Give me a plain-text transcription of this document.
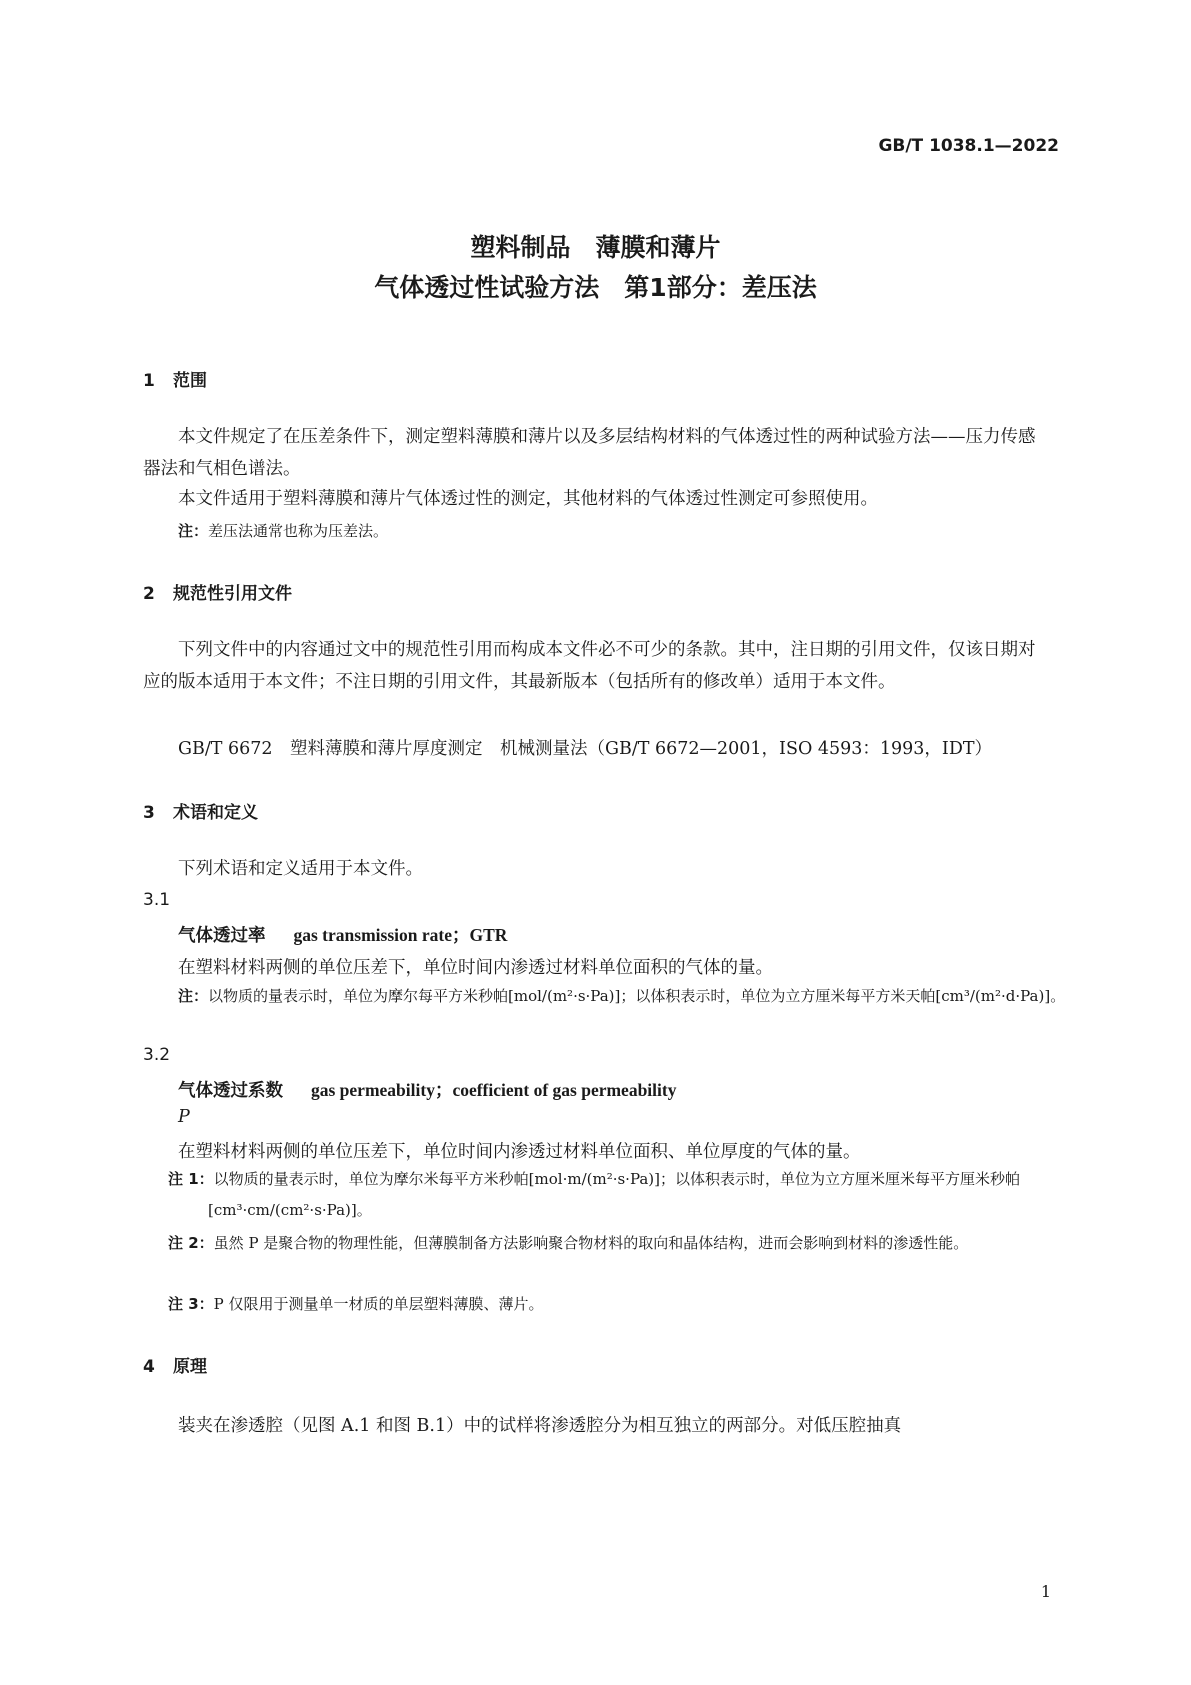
GB/T 1038.1—2022
塑料制品　薄膜和薄片
气体透过性试验方法　第1部分：差压法
1 范围
本文件规定了在压差条件下，测定塑料薄膜和薄片以及多层结构材料的气体透过性的两种试验方法——压力传感器法和气相色谱法。
本文件适用于塑料薄膜和薄片气体透过性的测定，其他材料的气体透过性测定可参照使用。
注：差压法通常也称为压差法。
2 规范性引用文件
下列文件中的内容通过文中的规范性引用而构成本文件必不可少的条款。其中，注日期的引用文件，仅该日期对应的版本适用于本文件；不注日期的引用文件，其最新版本（包括所有的修改单）适用于本文件。
GB/T 6672　塑料薄膜和薄片厚度测定　机械测量法（GB/T 6672—2001，ISO 4593：1993，IDT）
3 术语和定义
下列术语和定义适用于本文件。
3.1
气体透过率 gas transmission rate；GTR
在塑料材料两侧的单位压差下，单位时间内渗透过材料单位面积的气体的量。
注：以物质的量表示时，单位为摩尔每平方米秒帕[mol/(m²·s·Pa)]；以体积表示时，单位为立方厘米每平方米天帕[cm³/(m²·d·Pa)]。
3.2
气体透过系数 gas permeability；coefficient of gas permeability
P
在塑料材料两侧的单位压差下，单位时间内渗透过材料单位面积、单位厚度的气体的量。
注 1：以物质的量表示时，单位为摩尔米每平方米秒帕[mol·m/(m²·s·Pa)]；以体积表示时，单位为立方厘米厘米每平方厘米秒帕[cm³·cm/(cm²·s·Pa)]。
注 2：虽然 P 是聚合物的物理性能，但薄膜制备方法影响聚合物材料的取向和晶体结构，进而会影响到材料的渗透性能。
注 3：P 仅限用于测量单一材质的单层塑料薄膜、薄片。
4 原理
装夹在渗透腔（见图 A.1 和图 B.1）中的试样将渗透腔分为相互独立的两部分。对低压腔抽真
1
